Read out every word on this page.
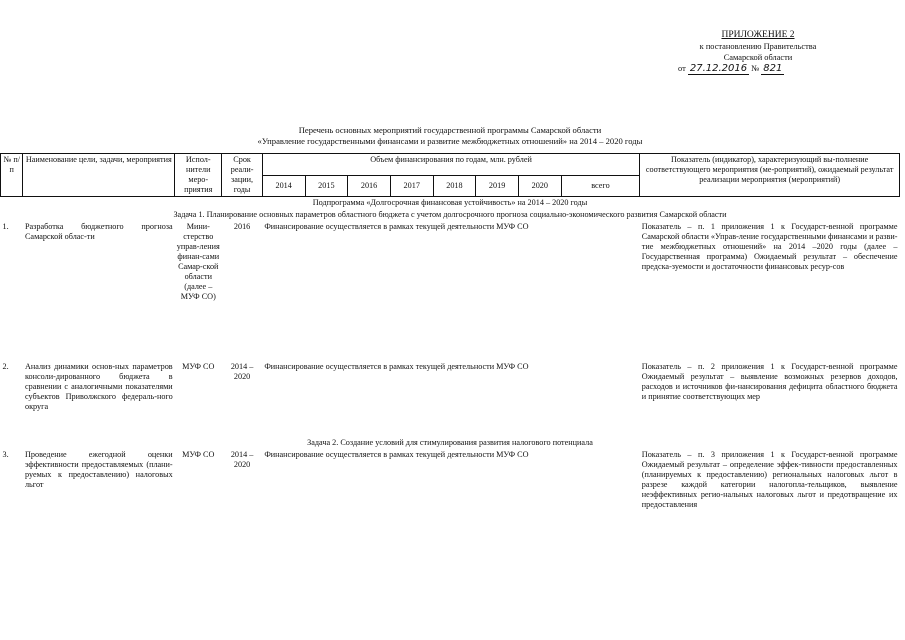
ПРИЛОЖЕНИЕ 2
к постановлению Правительства
Самарской области
от 27.12.2016 № 821
Перечень основных мероприятий государственной программы Самарской области
«Управление государственными финансами и развитие межбюджетных отношений» на 2014 – 2020 годы
№ п/п	Наименование цели, задачи, мероприятия	Испол-нители меро-приятия	Срок реали-зации, годы	Объем финансирования по годам, млн. рублей								Показатель (индикатор), характеризующий вы-полнение соответствующего мероприятия (ме-роприятий), ожидаемый результат реализации мероприятия (мероприятий)
				2014	2015	2016	2017	2018	2019	2020	всего	
Подпрограмма «Долгосрочная финансовая устойчивость» на 2014 – 2020 годы												
Задача 1. Планирование основных параметров областного бюджета с учетом долгосрочного прогноза социально-экономического развития Самарской области												
1.	Разработка бюджетного прогноза Самарской облас-ти	Мини-стерство управ-ления финан-сами Самар-ской области (далее – МУФ СО)	2016	Финансирование осуществляется в рамках текущей деятельности МУФ СО								Показатель – п. 1 приложения 1 к Государст-венной программе Самарской области «Управ-ление государственными финансами и разви-тие межбюджетных отношений» на 2014 –2020 годы (далее – Государственная программа) Ожидаемый результат – обеспечение предска-зуемости и достаточности финансовых ресур-сов
2.	Анализ динамики основ-ных параметров консоли-дированного бюджета в сравнении с аналогичными показателями субъектов Приволжского федераль-ного округа	МУФ СО	2014 – 2020	Финансирование осуществляется в рамках текущей деятельности МУФ СО								Показатель – п. 2 приложения 1 к Государст-венной программе Ожидаемый результат – выявление возможных резервов доходов, расходов и источников фи-нансирования дефицита областного бюджета и принятие соответствующих мер
Задача 2. Создание условий для стимулирования развития налогового потенциала												
3.	Проведение ежегодной оценки эффективности предоставляемых (плани-руемых к предоставлению) налоговых льгот	МУФ СО	2014 – 2020	Финансирование осуществляется в рамках текущей деятельности МУФ СО								Показатель – п. 3 приложения 1 к Государст-венной программе Ожидаемый результат – определение эффек-тивности предоставленных (планируемых к предоставлению) региональных налоговых льгот в разрезе каждой категории налогопла-тельщиков, выявление неэффективных регио-нальных налоговых льгот и предотвращение их предоставления
